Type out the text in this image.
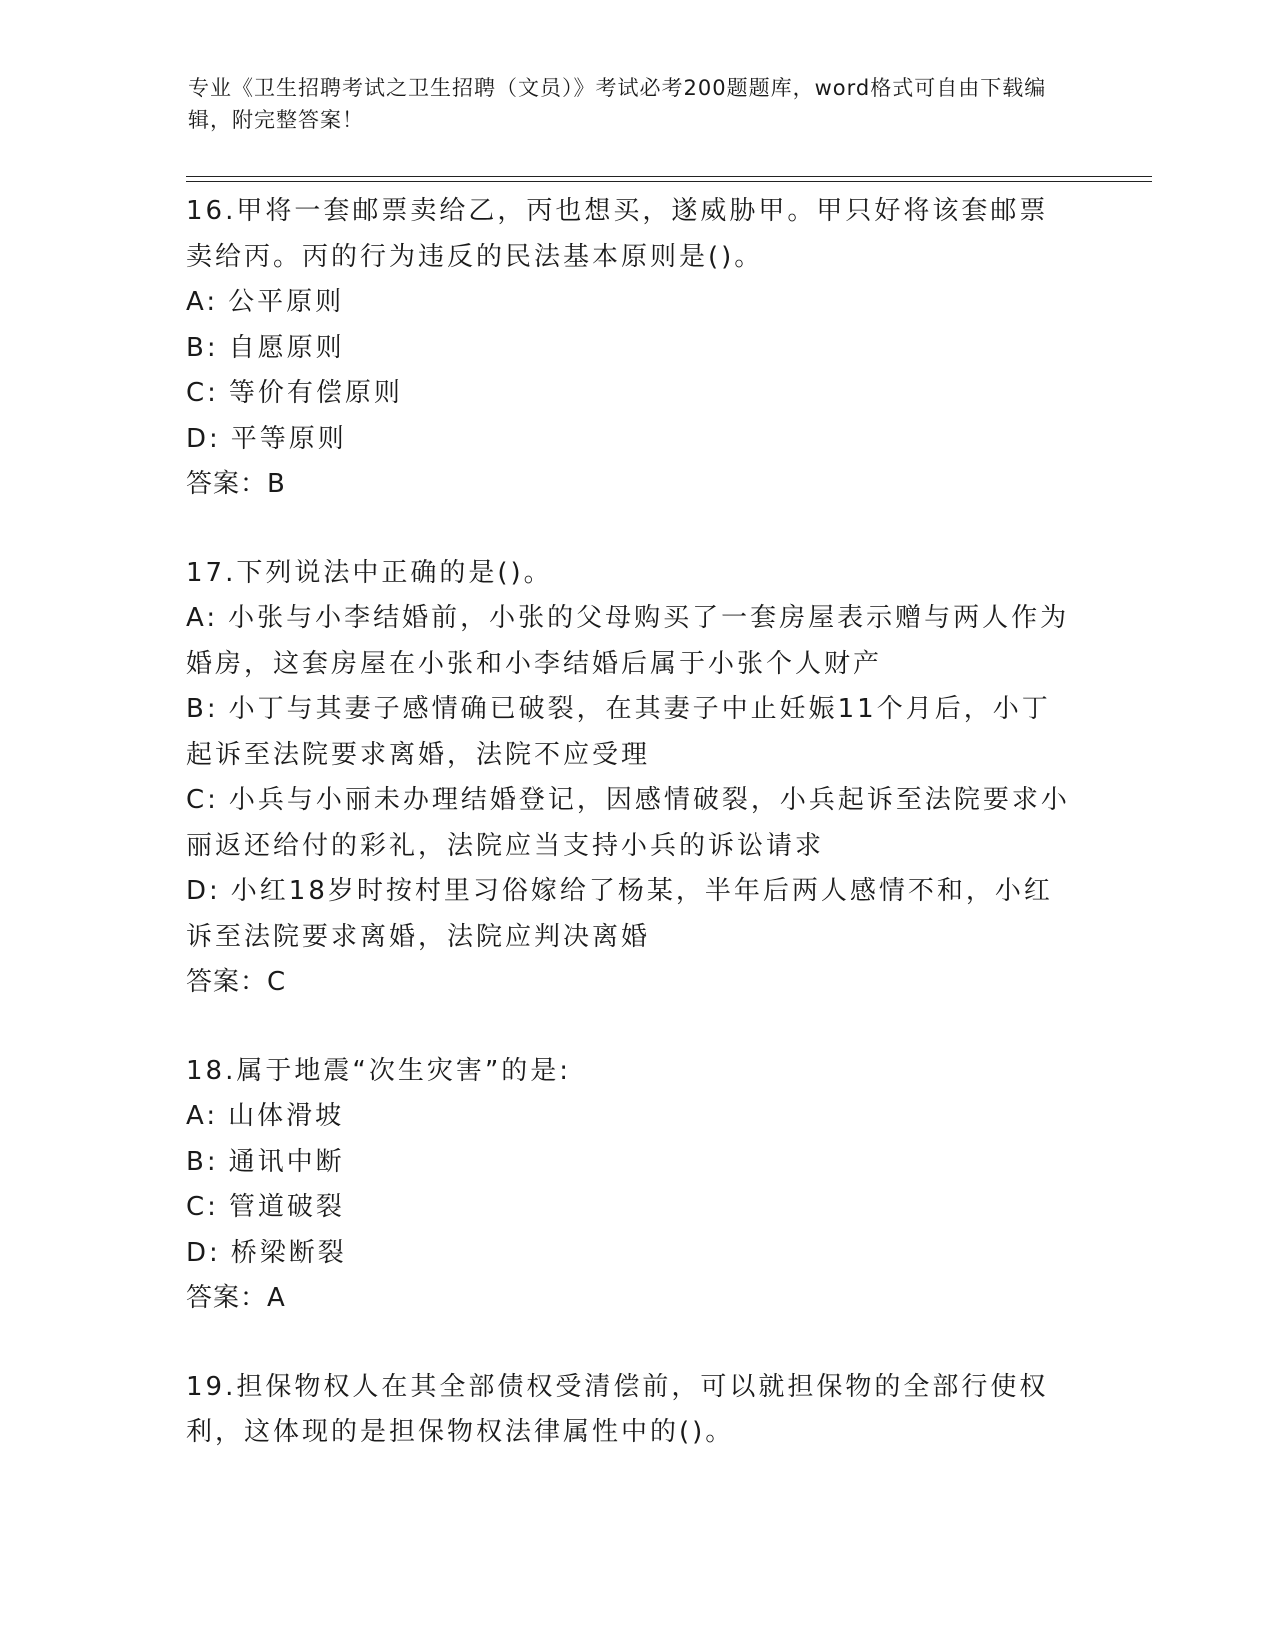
专业《卫生招聘考试之卫生招聘（文员）》考试必考200题题库，word格式可自由下载编辑，附完整答案！
16.甲将一套邮票卖给乙，丙也想买，遂威胁甲。甲只好将该套邮票卖给丙。丙的行为违反的民法基本原则是()。
A: 公平原则
B: 自愿原则
C: 等价有偿原则
D: 平等原则
答案：B
17.下列说法中正确的是()。
A: 小张与小李结婚前，小张的父母购买了一套房屋表示赠与两人作为婚房，这套房屋在小张和小李结婚后属于小张个人财产
B: 小丁与其妻子感情确已破裂，在其妻子中止妊娠11个月后，小丁起诉至法院要求离婚，法院不应受理
C: 小兵与小丽未办理结婚登记，因感情破裂，小兵起诉至法院要求小丽返还给付的彩礼，法院应当支持小兵的诉讼请求
D: 小红18岁时按村里习俗嫁给了杨某，半年后两人感情不和，小红诉至法院要求离婚，法院应判决离婚
答案：C
18.属于地震“次生灾害”的是:
A: 山体滑坡
B: 通讯中断
C: 管道破裂
D: 桥梁断裂
答案：A
19.担保物权人在其全部债权受清偿前，可以就担保物的全部行使权利，这体现的是担保物权法律属性中的()。
